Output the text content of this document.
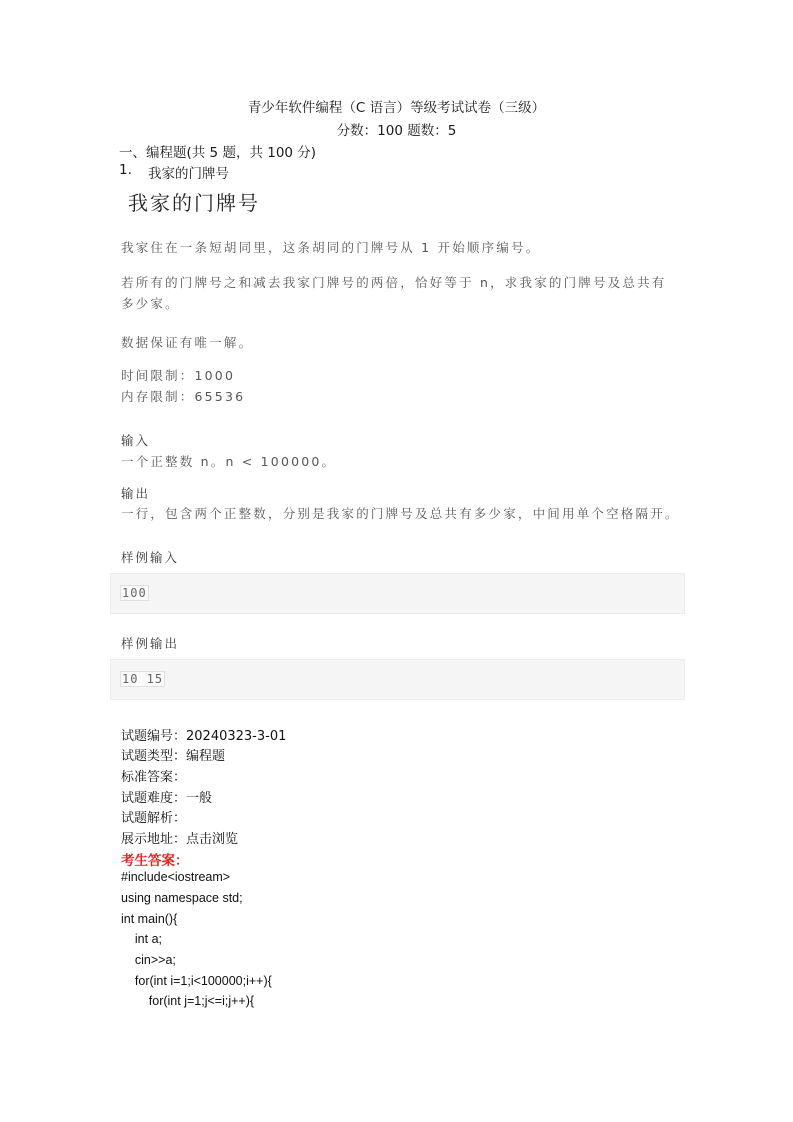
青少年软件编程（C 语言）等级考试试卷（三级）
分数：100 题数：5
一、编程题(共 5 题，共 100 分)
1. 我家的门牌号
我家的门牌号
我家住在一条短胡同里，这条胡同的门牌号从 1 开始顺序编号。
若所有的门牌号之和减去我家门牌号的两倍，恰好等于 n，求我家的门牌号及总共有多少家。
数据保证有唯一解。
时间限制：1000
内存限制：65536
输入
一个正整数 n。n < 100000。
输出
一行，包含两个正整数，分别是我家的门牌号及总共有多少家，中间用单个空格隔开。
样例输入
100
样例输出
10 15
试题编号：20240323-3-01
试题类型：编程题
标准答案：
试题难度：一般
试题解析：
展示地址：点击浏览
考生答案：
#include<iostream>
using namespace std;
int main(){
int a;
cin>>a;
for(int i=1;i<100000;i++){
for(int j=1;j<=i;j++){
